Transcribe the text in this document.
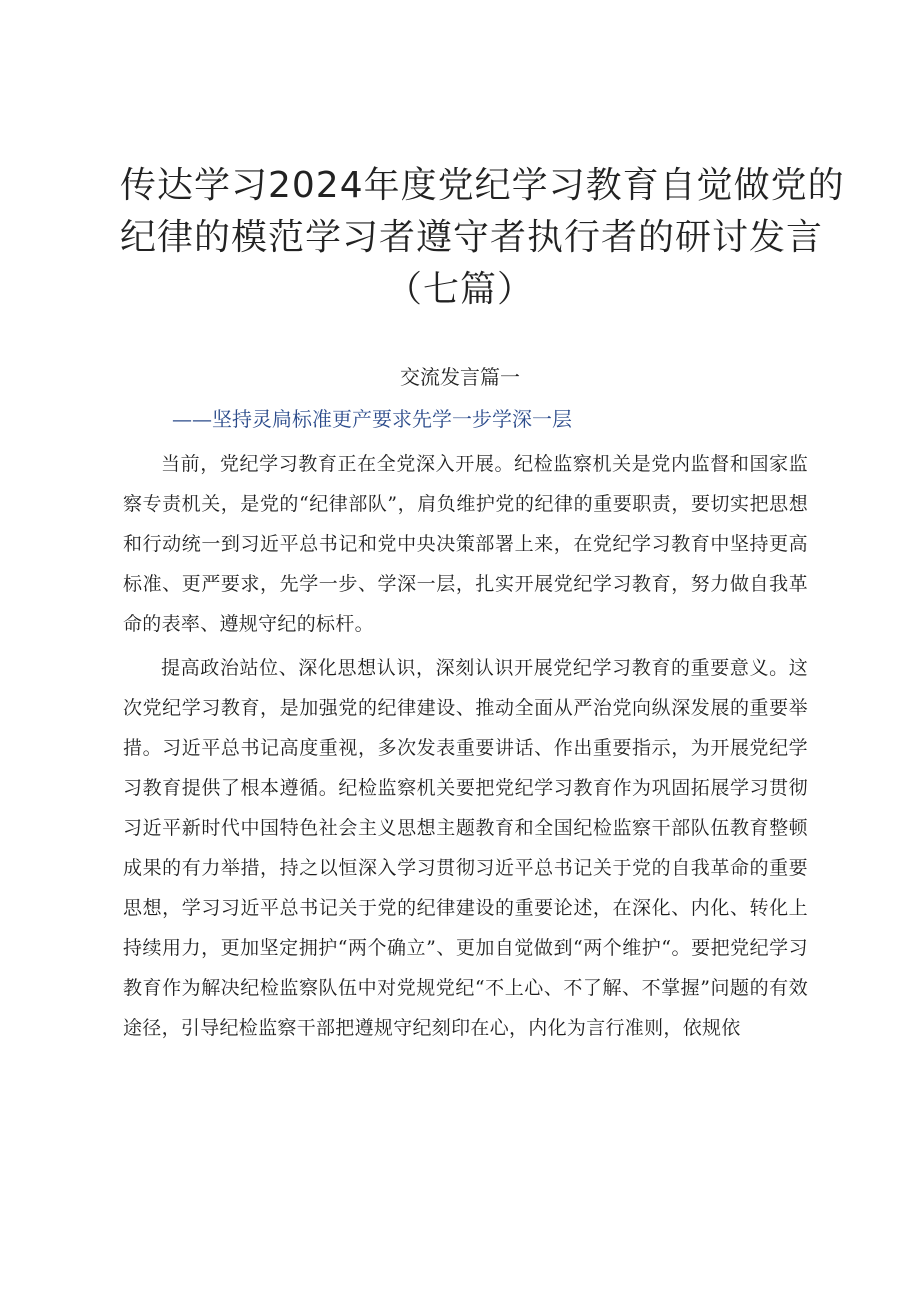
传达学习2024年度党纪学习教育自觉做党的
纪律的模范学习者遵守者执行者的研讨发言
（七篇）
交流发言篇一
——坚持灵扃标准更产要求先学一步学深一层

当前，党纪学习教育正在全党深入开展。纪检监察机关是党内监督和国家监察专责机关，是党的“纪律部队”，肩负维护党的纪律的重要职责，要切实把思想和行动统一到习近平总书记和党中央决策部署上来，在党纪学习教育中坚持更高标准、更严要求，先学一步、学深一层，扎实开展党纪学习教育，努力做自我革命的表率、遵规守纪的标杆。

提高政治站位、深化思想认识，深刻认识开展党纪学习教育的重要意义。这次党纪学习教育，是加强党的纪律建设、推动全面从严治党向纵深发展的重要举措。习近平总书记高度重视，多次发表重要讲话、作出重要指示，为开展党纪学习教育提供了根本遵循。纪检监察机关要把党纪学习教育作为巩固拓展学习贯彻习近平新时代中国特色社会主义思想主题教育和全国纪检监察干部队伍教育整顿成果的有力举措，持之以恒深入学习贯彻习近平总书记关于党的自我革命的重要思想，学习习近平总书记关于党的纪律建设的重要论述，在深化、内化、转化上持续用力，更加坚定拥护“两个确立”、更加自觉做到“两个维护“。要把党纪学习教育作为解决纪检监察队伍中对党规党纪“不上心、不了解、不掌握”问题的有效途径，引导纪检监察干部把遵规守纪刻印在心，内化为言行准则，依规依
